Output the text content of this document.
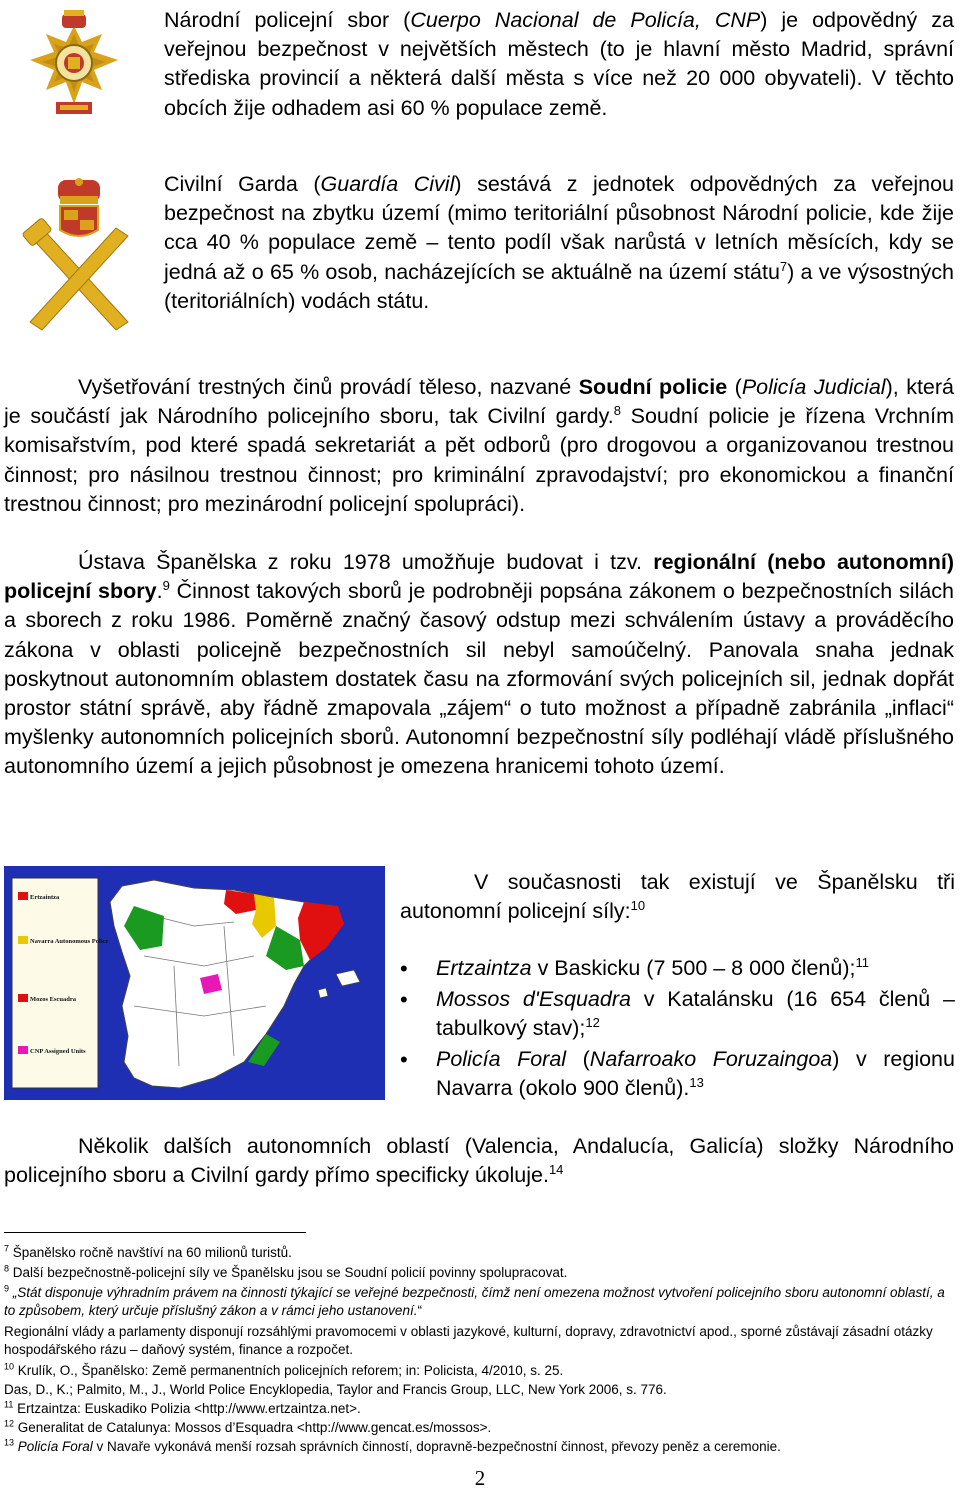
Národní policejní sbor (Cuerpo Nacional de Policía, CNP) je odpovědný za veřejnou bezpečnost v největších městech (to je hlavní město Madrid, správní střediska provincií a některá další města s více než 20 000 obyvateli). V těchto obcích žije odhadem asi 60 % populace země.

Civilní Garda (Guardía Civil) sestává z jednotek odpovědných za veřejnou bezpečnost na zbytku území (mimo teritoriální působnost Národní policie, kde žije cca 40 % populace země – tento podíl však narůstá v letních měsících, kdy se jedná až o 65 % osob, nacházejících se aktuálně na území státu$^7$) a ve výsostných (teritoriálních) vodách státu.

Vyšetřování trestných činů provádí těleso, nazvané Soudní policie (Policía Judicial), která je součástí jak Národního policejního sboru, tak Civilní gardy.$^8$ Soudní policie je řízena Vrchním komisařstvím, pod které spadá sekretariát a pět odborů (pro drogovou a organizovanou trestnou činnost; pro násilnou trestnou činnost; pro kriminální zpravodajství; pro ekonomickou a finanční trestnou činnost; pro mezinárodní policejní spolupráci).

Ústava Španělska z roku 1978 umožňuje budovat i tzv. regionální (nebo autonomní) policejní sbory.$^9$ Činnost takových sborů je podrobněji popsána zákonem o bezpečnostních silách a sborech z roku 1986. Poměrně značný časový odstup mezi schválením ústavy a prováděcího zákona v oblasti policejně bezpečnostních sil nebyl samoúčelný. Panovala snaha jednak poskytnout autonomním oblastem dostatek času na zformování svých policejních sil, jednak dopřát prostor státní správě, aby řádně zmapovala „zájem“ o tuto možnost a případně zabránila „inflaci“ myšlenky autonomních policejních sborů. Autonomní bezpečnostní síly podléhají vládě příslušného autonomního území a jejich působnost je omezena hranicemi tohoto území.

Ertzaintza
Navarra Autonomous Police
Mozos Escuadra
CNP Assigned Units

V současnosti tak existují ve Španělsku tři autonomní policejní síly:$^{10}$

• Ertzaintza v Baskicku (7 500 – 8 000 členů);$^{11}$
• Mossos d'Esquadra v Katalánsku (16 654 členů – tabulkový stav);$^{12}$
• Policía Foral (Nafarroako Foruzaingoa) v regionu Navarra (okolo 900 členů).$^{13}$

Několik dalších autonomních oblastí (Valencia, Andalucía, Galicía) složky Národního policejního sboru a Civilní gardy přímo specificky úkoluje.$^{14}$

$^7$ Španělsko ročně navštíví na 60 milionů turistů.

$^8$ Další bezpečnostně-policejní síly ve Španělsku jsou se Soudní policií povinny spolupracovat.

$^9$ „Stát disponuje výhradním právem na činnosti týkající se veřejné bezpečnosti, čímž není omezena možnost vytvoření policejního sboru autonomní oblastí, a to způsobem, který určuje příslušný zákon a v rámci jeho ustanovení.“

Regionální vlády a parlamenty disponují rozsáhlými pravomocemi v oblasti jazykové, kulturní, dopravy, zdravotnictví apod., sporné zůstávají zásadní otázky hospodářského rázu – daňový systém, finance a rozpočet.

$^{10}$ Krulík, O., Španělsko: Země permanentních policejních reforem; in: Policista, 4/2010, s. 25.

Das, D., K.; Palmito, M., J., World Police Encyklopedia, Taylor and Francis Group, LLC, New York 2006, s. 776.

$^{11}$ Ertzaintza: Euskadiko Polizia <http://www.ertzaintza.net>.

$^{12}$ Generalitat de Catalunya: Mossos d’Esquadra <http://www.gencat.es/mossos>.

$^{13}$ Policía Foral v Navaře vykonává menší rozsah správních činností, dopravně-bezpečnostní činnost, převozy peněz a ceremonie.

2
